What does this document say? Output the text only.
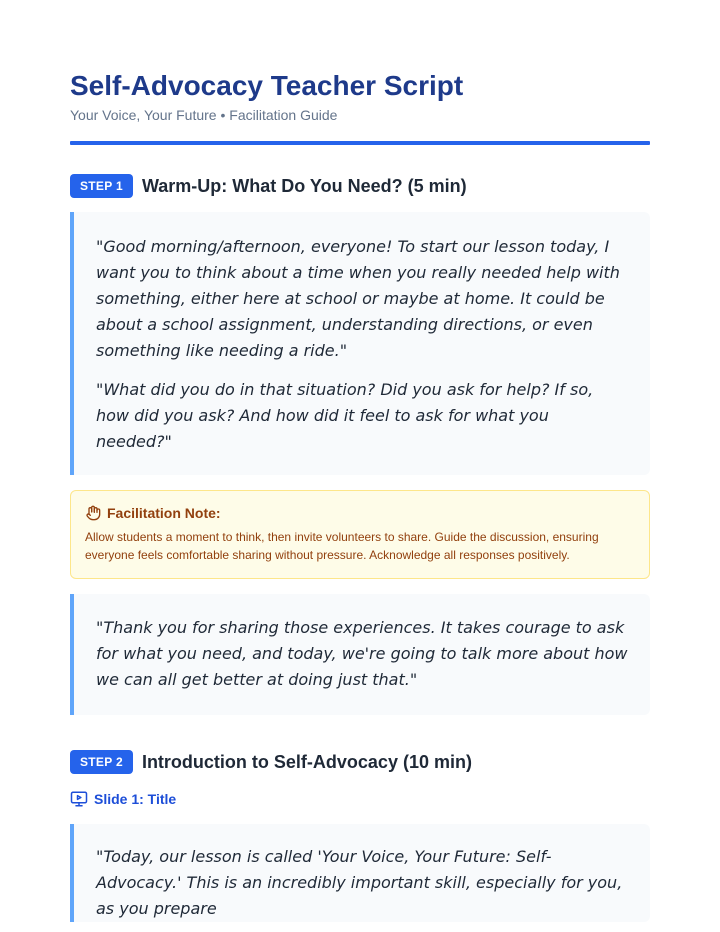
Self-Advocacy Teacher Script
Your Voice, Your Future • Facilitation Guide
STEP 1	Warm-Up: What Do You Need? (5 min)

"Good morning/afternoon, everyone! To start our lesson today, I want you to think about a time when you really needed help with something, either here at school or maybe at home. It could be about a school assignment, understanding directions, or even something like needing a ride."

"What did you do in that situation? Did you ask for help? If so, how did you ask? And how did it feel to ask for what you needed?"

Facilitation Note:
Allow students a moment to think, then invite volunteers to share. Guide the discussion, ensuring everyone feels comfortable sharing without pressure. Acknowledge all responses positively.

"Thank you for sharing those experiences. It takes courage to ask for what you need, and today, we're going to talk more about how we can all get better at doing just that."

STEP 2	Introduction to Self-Advocacy (10 min)
Slide 1: Title

"Today, our lesson is called 'Your Voice, Your Future: Self-Advocacy.' This is an incredibly important skill, especially for you, as you prepare
